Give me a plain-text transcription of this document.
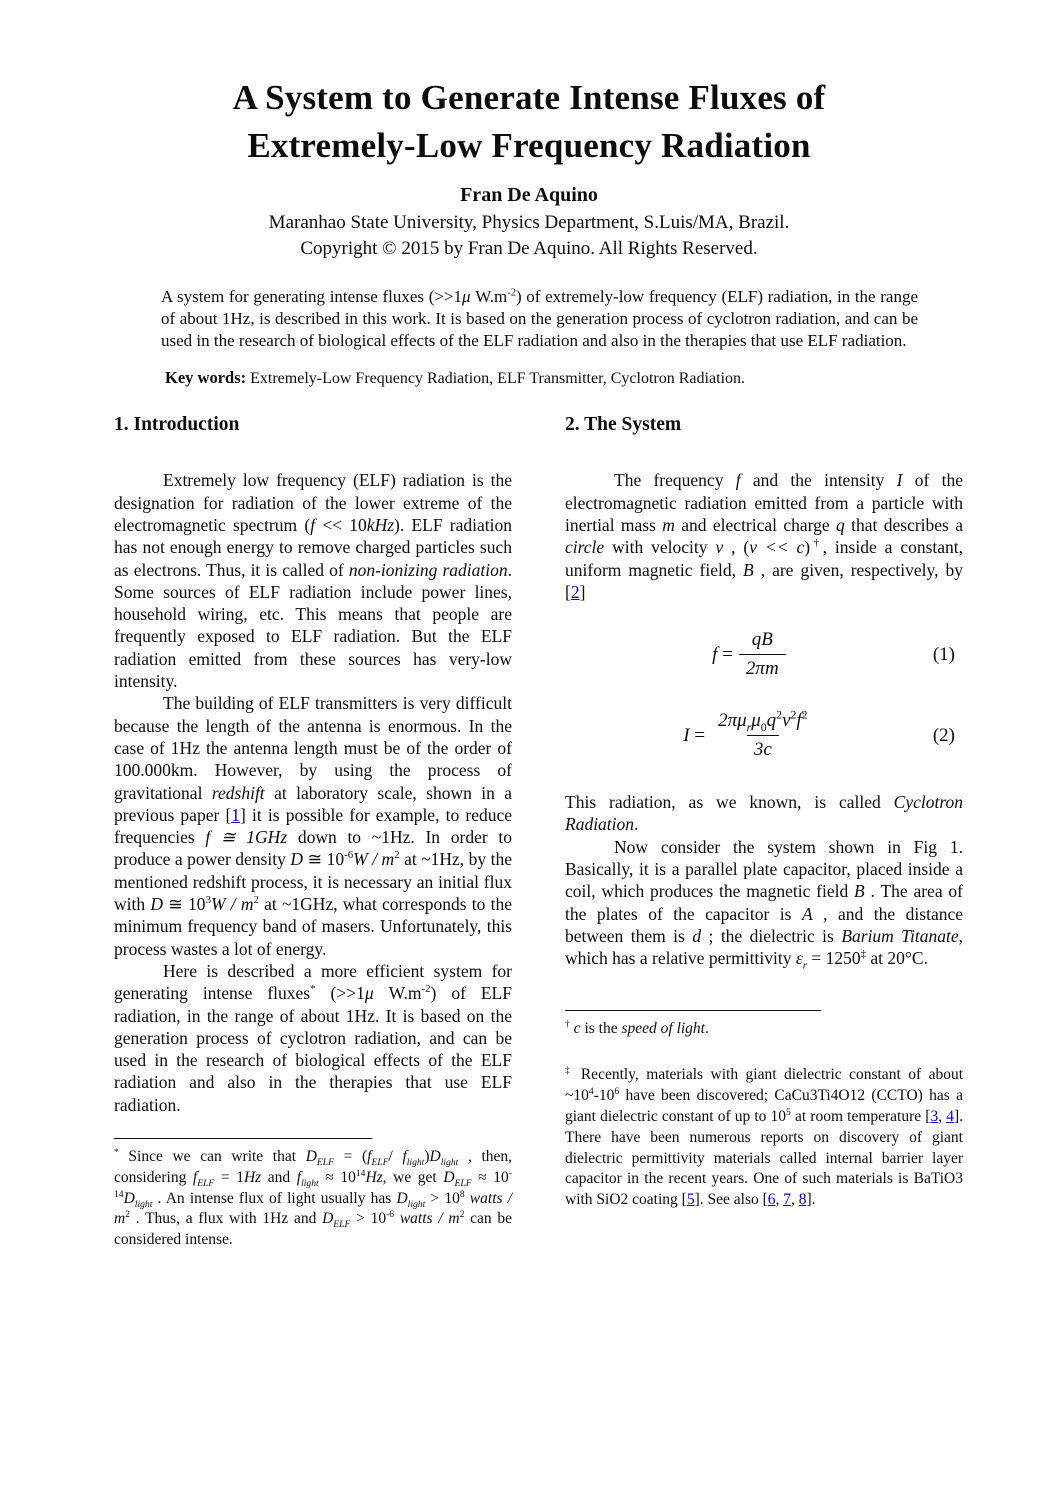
A System to Generate Intense Fluxes of
Extremely-Low Frequency Radiation
Fran De Aquino
Maranhao State University, Physics Department, S.Luis/MA, Brazil.
Copyright © 2015 by Fran De Aquino. All Rights Reserved.

A system for generating intense fluxes (>>1μ $W.m^{-2}$) of extremely-low frequency (ELF) radiation, in the range of about 1Hz, is described in this work. It is based on the generation process of cyclotron radiation, and can be used in the research of biological effects of the ELF radiation and also in the therapies that use ELF radiation.

Key words: Extremely-Low Frequency Radiation, ELF Transmitter, Cyclotron Radiation.

1. Introduction

Extremely low frequency (ELF) radiation is the designation for radiation of the lower extreme of the electromagnetic spectrum (f << 10kHz). ELF radiation has not enough energy to remove charged particles such as electrons. Thus, it is called of non-ionizing radiation. Some sources of ELF radiation include power lines, household wiring, etc. This means that people are frequently exposed to ELF radiation. But the ELF radiation emitted from these sources has very-low intensity.

The building of ELF transmitters is very difficult because the length of the antenna is enormous. In the case of 1Hz the antenna length must be of the order of 100.000km. However, by using the process of gravitational redshift at laboratory scale, shown in a previous paper [1] it is possible for example, to reduce frequencies f ≅ 1GHz down to ~1Hz. In order to produce a power density D ≅ $10^{-6}W / m^2$ at ~1Hz, by the mentioned redshift process, it is necessary an initial flux with D ≅ $10^3W / m^2$ at ~1GHz, what corresponds to the minimum frequency band of masers. Unfortunately, this process wastes a lot of energy.

Here is described a more efficient system for generating intense fluxes* (>>1μ $W.m^{-2}$) of ELF radiation, in the range of about 1Hz. It is based on the generation process of cyclotron radiation, and can be used in the research of biological effects of the ELF radiation and also in the therapies that use ELF radiation.

* Since we can write that $D_{ELF} = (f_{ELF}/$ $f_{light})D_{light}$ , then, considering $f_{ELF} = 1Hz$ and $f_{light} \approx 10^{14}Hz$, we get $D_{ELF} \approx 10^{-14}D_{light}$ . An intense flux of light usually has $D_{light} > 10^8$ watts / $m^2$ . Thus, a flux with 1Hz and $D_{ELF} > 10^{-6}$ watts / $m^2$ can be considered intense.

2. The System

The frequency f and the intensity I of the electromagnetic radiation emitted from a particle with inertial mass m and electrical charge q that describes a circle with velocity v , (v << c)†, inside a constant, uniform magnetic field, B , are given, respectively, by [2]

$f = \frac{qB}{2\pi m}$	(1)
$I = \frac{2\pi\mu_r\mu_0q^2v^2f^2}{3c}$	(2)

This radiation, as we known, is called Cyclotron Radiation.

Now consider the system shown in Fig 1. Basically, it is a parallel plate capacitor, placed inside a coil, which produces the magnetic field B . The area of the plates of the capacitor is A , and the distance between them is d ; the dielectric is Barium Titanate, which has a relative permittivity $\varepsilon_r = 1250^\ddagger$ at 20°C.

† c is the speed of light.

‡ Recently, materials with giant dielectric constant of about $\sim 10^4-10^6$ have been discovered; CaCu3Ti4O12 (CCTO) has a giant dielectric constant of up to $10^5$ at room temperature [3, 4]. There have been numerous reports on discovery of giant dielectric permittivity materials called internal barrier layer capacitor in the recent years. One of such materials is BaTiO3 with SiO2 coating [5]. See also [6, 7, 8].
